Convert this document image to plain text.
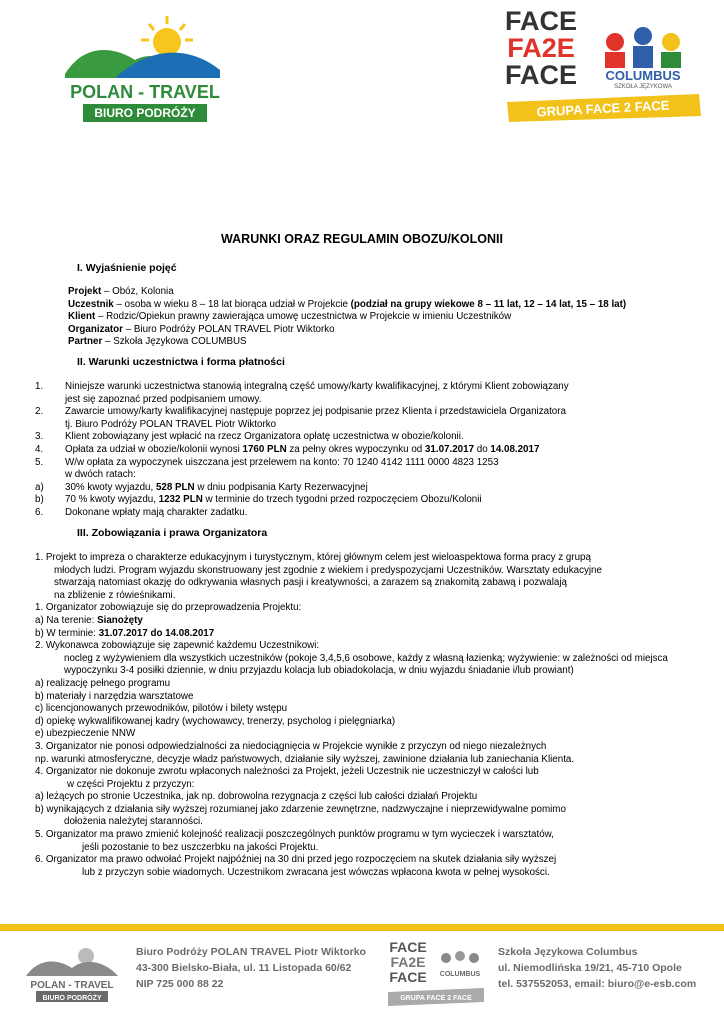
POLAN - TRAVEL
BIURO PODRÓŻY
FACE
FA2E
FACE COLUMBUS
SZKOŁA JĘZYKOWA
GRUPA FACE 2 FACE
WARUNKI ORAZ REGULAMIN OBOZU/KOLONII
I. Wyjaśnienie pojęć
Projekt – Obóz, Kolonia
Uczestnik – osoba w wieku 8 – 18 lat biorąca udział w Projekcie (podział na grupy wiekowe 8 – 11 lat, 12 – 14 lat, 15 – 18 lat)
Klient – Rodzic/Opiekun prawny zawierająca umowę uczestnictwa w Projekcie w imieniu Uczestników
Organizator – Biuro Podróży POLAN TRAVEL Piotr Wiktorko
Partner – Szkoła Językowa COLUMBUS
II. Warunki uczestnictwa i forma płatności
1. Niniejsze warunki uczestnictwa stanowią integralną część umowy/karty kwalifikacyjnej, z którymi Klient zobowiązany
jest się zapoznać przed podpisaniem umowy.
2. Zawarcie umowy/karty kwalifikacyjnej następuje poprzez jej podpisanie przez Klienta i przedstawiciela Organizatora
tj. Biuro Podróży POLAN TRAVEL Piotr Wiktorko
3. Klient zobowiązany jest wpłacić na rzecz Organizatora opłatę uczestnictwa w obozie/kolonii.
4. Opłata za udział w obozie/kolonii wynosi 1760 PLN za pełny okres wypoczynku od 31.07.2017 do 14.08.2017
5. W/w opłata za wypoczynek uiszczana jest przelewem na konto: 70 1240 4142 1111 0000 4823 1253
w dwóch ratach:
a) 30% kwoty wyjazdu, 528 PLN w dniu podpisania Karty Rezerwacyjnej
b) 70 % kwoty wyjazdu, 1232 PLN w terminie do trzech tygodni przed rozpoczęciem Obozu/Kolonii
6. Dokonane wpłaty mają charakter zadatku.
III. Zobowiązania i prawa Organizatora
1. Projekt to impreza o charakterze edukacyjnym i turystycznym, której głównym celem jest wieloaspektowa forma pracy z grupą
młodych ludzi. Program wyjazdu skonstruowany jest zgodnie z wiekiem i predyspozycjami Uczestników. Warsztaty edukacyjne
stwarzają natomiast okazję do odkrywania własnych pasji i kreatywności, a zarazem są znakomitą zabawą i pozwalają
na zbliżenie z rówieśnikami.
1. Organizator zobowiązuje się do przeprowadzenia Projektu:
a) Na terenie: Sianożęty
b) W terminie: 31.07.2017 do 14.08.2017
2. Wykonawca zobowiązuje się zapewnić każdemu Uczestnikowi:
nocleg z wyżywieniem dla wszystkich uczestników (pokoje 3,4,5,6 osobowe, każdy z własną łazienką; wyżywienie: w zależności od miejsca
wypoczynku 3-4 posiłki dziennie, w dniu przyjazdu kolacja lub obiadokolacja, w dniu wyjazdu śniadanie i/lub prowiant)
a) realizację pełnego programu
b) materiały i narzędzia warsztatowe
c) licencjonowanych przewodników, pilotów i bilety wstępu
d) opiekę wykwalifikowanej kadry (wychowawcy, trenerzy, psycholog i pielęgniarka)
e) ubezpieczenie NNW
3. Organizator nie ponosi odpowiedzialności za niedociągnięcia w Projekcie wynikłe z przyczyn od niego niezależnych
np. warunki atmosferyczne, decyzje władz państwowych, działanie siły wyższej, zawinione działania lub zaniechania Klienta.
4. Organizator nie dokonuje zwrotu wpłaconych należności za Projekt, jeżeli Uczestnik nie uczestniczył w całości lub
w części Projektu z przyczyn:
a) leżących po stronie Uczestnika, jak np. dobrowolna rezygnacja z części lub całości działań Projektu
b) wynikających z działania siły wyższej rozumianej jako zdarzenie zewnętrzne, nadzwyczajne i nieprzewidywalne pomimo
dołożenia należytej staranności.
5. Organizator ma prawo zmienić kolejność realizacji poszczególnych punktów programu w tym wycieczek i warsztatów,
jeśli pozostanie to bez uszczerbku na jakości Projektu.
6. Organizator ma prawo odwołać Projekt najpóźniej na 30 dni przed jego rozpoczęciem na skutek działania siły wyższej
lub z przyczyn sobie wiadomych. Uczestnikom zwracana jest wówczas wpłacona kwota w pełnej wysokości.
POLAN - TRAVEL
BIURO PODRÓŻY
Biuro Podróży POLAN TRAVEL Piotr Wiktorko
43-300 Bielsko-Biała, ul. 11 Listopada 60/62
NIP 725 000 88 22
FACE
FA2E
FACE COLUMBUS
GRUPA FACE 2 FACE
Szkoła Językowa Columbus
ul. Niemodlińska 19/21, 45-710 Opole
tel. 537552053, email: biuro@e-esb.com
